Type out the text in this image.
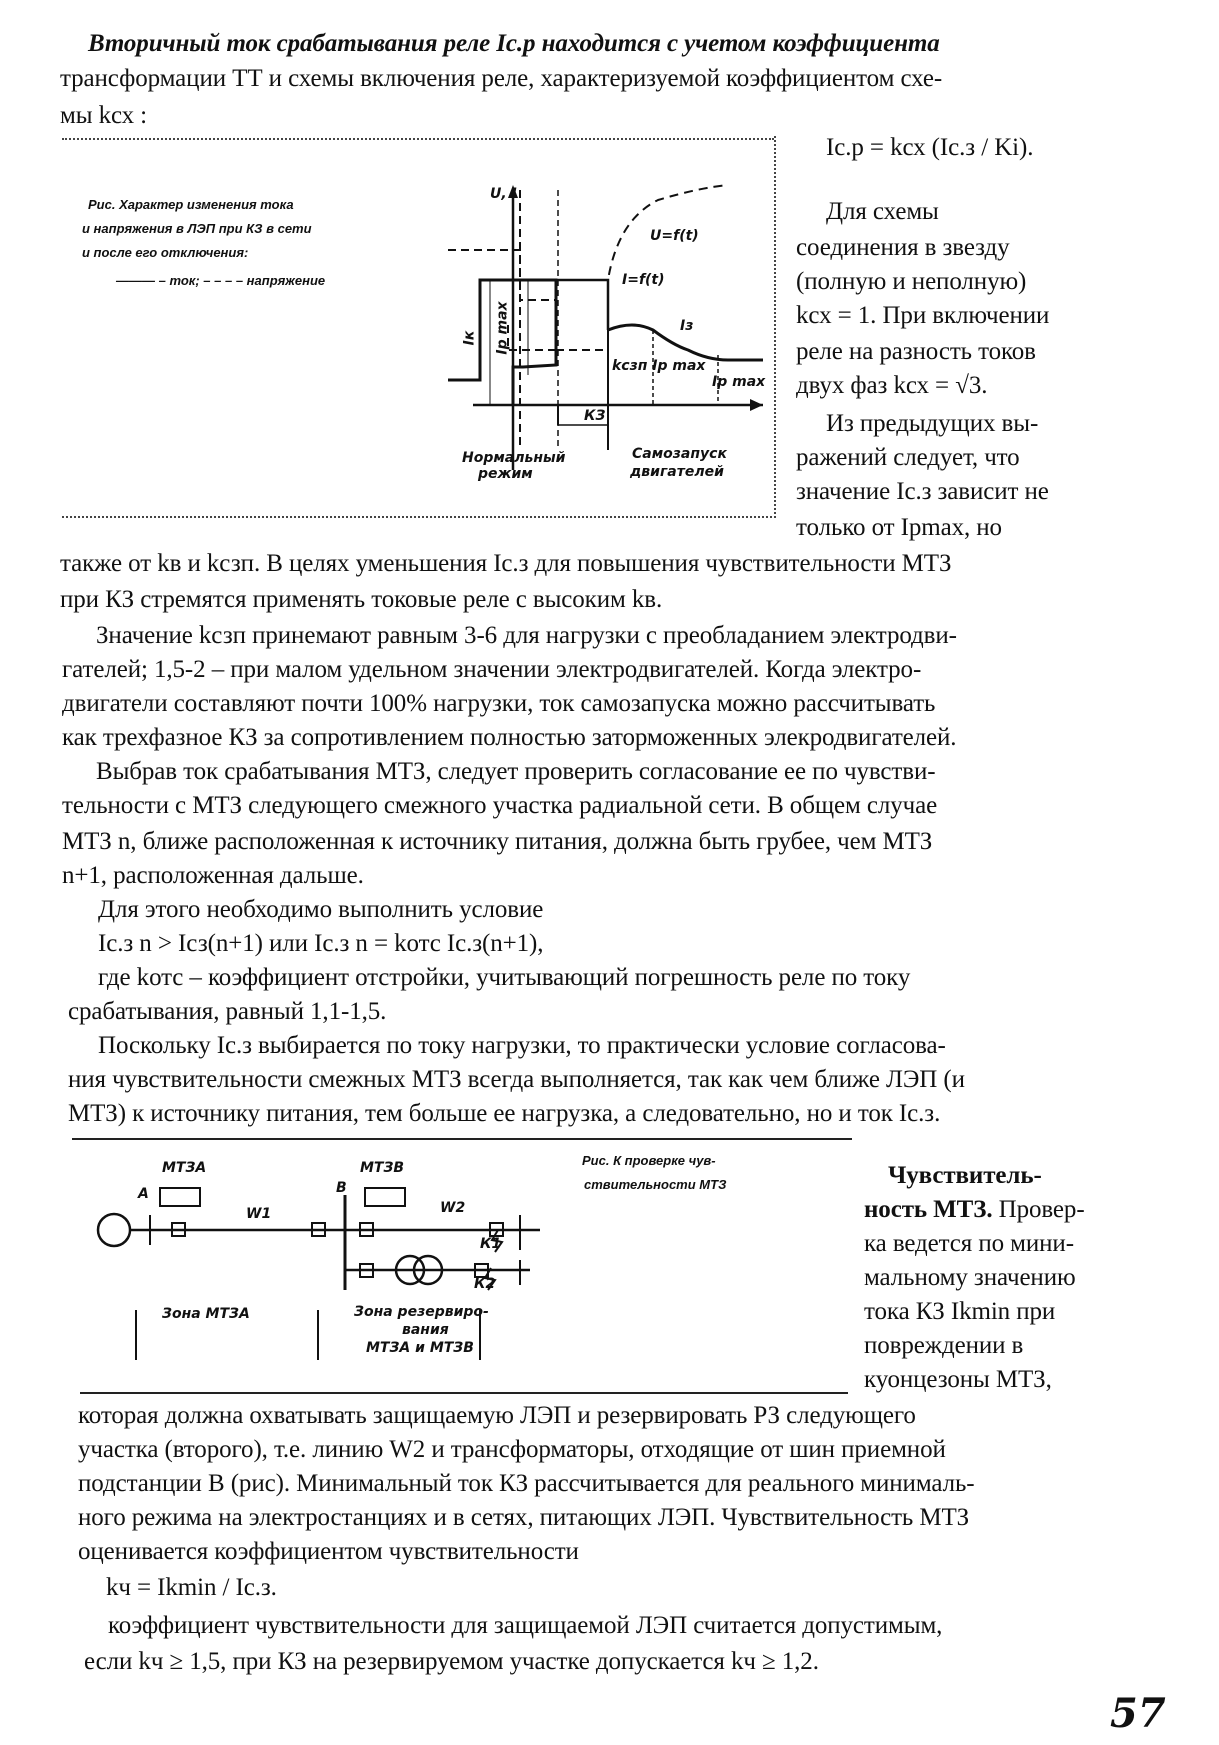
Вторичный ток срабатывания реле Iс.р находится с учетом коэффициента
трансформации ТТ и схемы включения реле, характеризуемой коэффициентом схе-
мы kсх :
Iс.р = kсх (Iс.з / Ki).
Рис. Характер изменения тока
и напряжения в ЛЭП при КЗ в сети
и после его отключения:
——— – ток; – – – – напряжение
U, I
U=f(t)
I=f(t)
Iз
Iк Ip max
kсзп Ip max
Ip max
КЗ
Нормальный
режим
Самозапуск
двигателей
Для схемы
соединения в звезду
(полную и неполную)
kсх = 1. При включении
реле на разность токов
двух фаз kсх = √3.
Из предыдущих вы-
ражений следует, что
значение Iс.з зависит не
только от Ipmax, но
также от kв и kсзп. В целях уменьшения Iс.з для повышения чувствительности МТЗ
при КЗ стремятся применять токовые реле с высоким kв.
Значение kсзп принемают равным 3-6 для нагрузки с преобладанием электродви-
гателей; 1,5-2 – при малом удельном значении электродвигателей. Когда электро-
двигатели составляют почти 100% нагрузки, ток самозапуска можно рассчитывать
как трехфазное КЗ за сопротивлением полностью заторможенных элекродвигателей.
Выбрав ток срабатывания МТЗ, следует проверить согласование ее по чувстви-
тельности с МТЗ следующего смежного участка радиальной сети. В общем случае
МТЗ n, ближе расположенная к источнику питания, должна быть грубее, чем МТЗ
n+1, расположенная дальше.
Для этого необходимо выполнить условие
Iс.з n > Iсз(n+1) или Iс.з n = kотс Iс.з(n+1),
где kотс – коэффициент отстройки, учитывающий погрешность реле по току
срабатывания, равный 1,1-1,5.
Поскольку Iс.з выбирается по току нагрузки, то практически условие согласова-
ния чувствительности смежных МТЗ всегда выполняется, так как чем ближе ЛЭП (и
МТЗ) к источнику питания, тем больше ее нагрузка, а следовательно, но и ток Iс.з.
Рис. К проверке чув-
ствительности МТЗ
МТЗА	МТЗВ
А	В
W1	W2
К1
К2
Зона МТЗА	Зона резервиро-
вания
МТЗА и МТЗВ
Чувствитель-
ность МТЗ. Провер-
ка ведется по мини-
мальному значению
тока КЗ Ikmin при
повреждении в
куонцезоны МТЗ,
которая должна охватывать защищаемую ЛЭП и резервировать РЗ следующего
участка (второго), т.е. линию W2 и трансформаторы, отходящие от шин приемной
подстанции В (рис). Минимальный ток КЗ рассчитывается для реального минималь-
ного режима на электростанциях и в сетях, питающих ЛЭП. Чувствительность МТЗ
оценивается коэффициентом чувствительности
kч = Ikmin / Iс.з.
коэффициент чувствительности для защищаемой ЛЭП считается допустимым,
если kч ≥ 1,5, при КЗ на резервируемом участке допускается kч ≥ 1,2.
57
